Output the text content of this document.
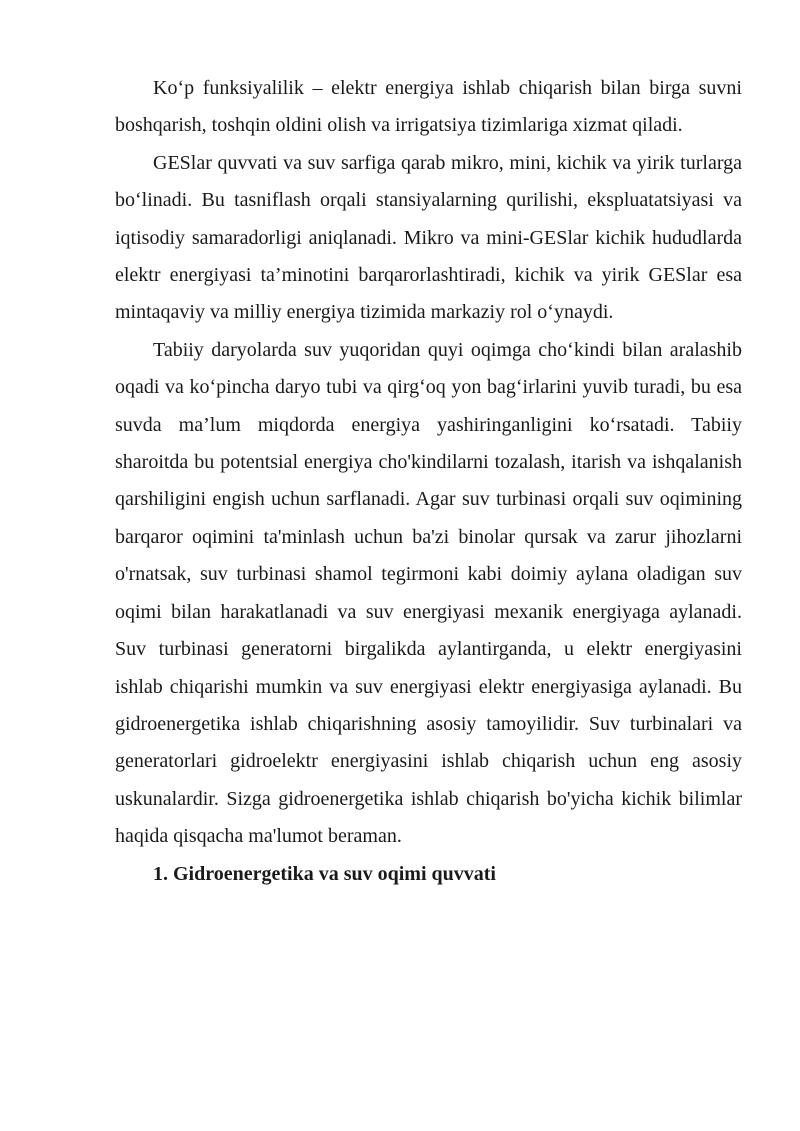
Ko‘p funksiyalilik – elektr energiya ishlab chiqarish bilan birga suvni boshqarish, toshqin oldini olish va irrigatsiya tizimlariga xizmat qiladi.

GESlar quvvati va suv sarfiga qarab mikro, mini, kichik va yirik turlarga bo‘linadi. Bu tasniflash orqali stansiyalarning qurilishi, ekspluatatsiyasi va iqtisodiy samaradorligi aniqlanadi. Mikro va mini-GESlar kichik hududlarda elektr energiyasi ta’minotini barqarorlashtiradi, kichik va yirik GESlar esa mintaqaviy va milliy energiya tizimida markaziy rol o‘ynaydi.

Tabiiy daryolarda suv yuqoridan quyi oqimga cho‘kindi bilan aralashib oqadi va ko‘pincha daryo tubi va qirg‘oq yon bag‘irlarini yuvib turadi, bu esa suvda ma’lum miqdorda energiya yashiringanligini ko‘rsatadi. Tabiiy sharoitda bu potentsial energiya cho'kindilarni tozalash, itarish va ishqalanish qarshiligini engish uchun sarflanadi. Agar suv turbinasi orqali suv oqimining barqaror oqimini ta'minlash uchun ba'zi binolar qursak va zarur jihozlarni o'rnatsak, suv turbinasi shamol tegirmoni kabi doimiy aylana oladigan suv oqimi bilan harakatlanadi va suv energiyasi mexanik energiyaga aylanadi. Suv turbinasi generatorni birgalikda aylantirganda, u elektr energiyasini ishlab chiqarishi mumkin va suv energiyasi elektr energiyasiga aylanadi. Bu gidroenergetika ishlab chiqarishning asosiy tamoyilidir. Suv turbinalari va generatorlari gidroelektr energiyasini ishlab chiqarish uchun eng asosiy uskunalardir. Sizga gidroenergetika ishlab chiqarish bo'yicha kichik bilimlar haqida qisqacha ma'lumot beraman.

1. Gidroenergetika va suv oqimi quvvati
